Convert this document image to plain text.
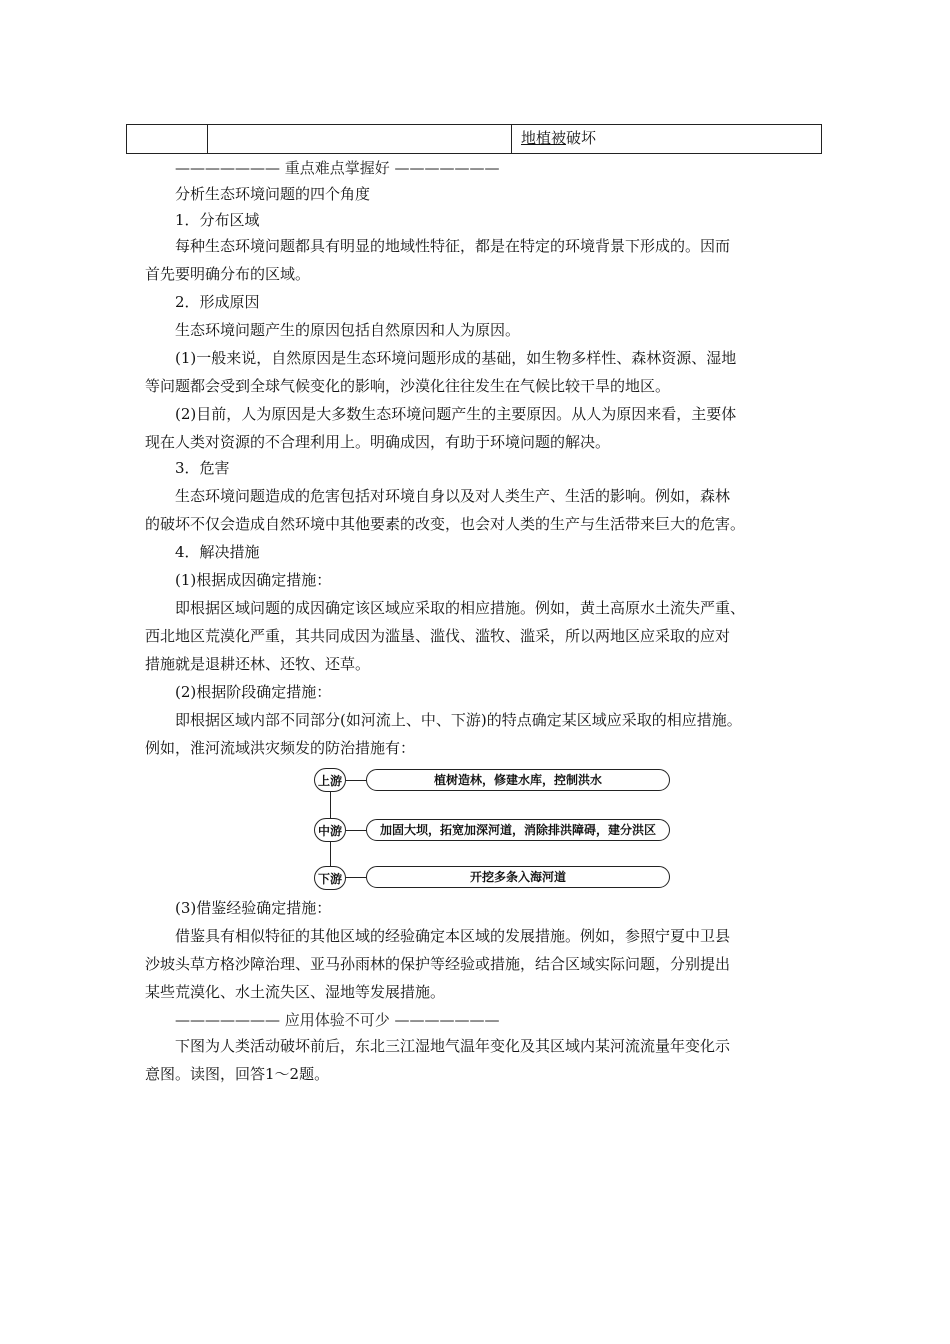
地植被破坏
——————— 重点难点掌握好 ———————
分析生态环境问题的四个角度
1．分布区域
每种生态环境问题都具有明显的地域性特征，都是在特定的环境背景下形成的。因而
首先要明确分布的区域。
2．形成原因
生态环境问题产生的原因包括自然原因和人为原因。
(1)一般来说，自然原因是生态环境问题形成的基础，如生物多样性、森林资源、湿地
等问题都会受到全球气候变化的影响，沙漠化往往发生在气候比较干旱的地区。
(2)目前，人为原因是大多数生态环境问题产生的主要原因。从人为原因来看，主要体
现在人类对资源的不合理利用上。明确成因，有助于环境问题的解决。
3．危害
生态环境问题造成的危害包括对环境自身以及对人类生产、生活的影响。例如，森林
的破坏不仅会造成自然环境中其他要素的改变，也会对人类的生产与生活带来巨大的危害。
4．解决措施
(1)根据成因确定措施：
即根据区域问题的成因确定该区域应采取的相应措施。例如，黄土高原水土流失严重、
西北地区荒漠化严重，其共同成因为滥垦、滥伐、滥牧、滥采，所以两地区应采取的应对
措施就是退耕还林、还牧、还草。
(2)根据阶段确定措施：
即根据区域内部不同部分(如河流上、中、下游)的特点确定某区域应采取的相应措施。
例如，淮河流域洪灾频发的防治措施有：
上游	植树造林，修建水库，控制洪水
中游	加固大坝，拓宽加深河道，消除排洪障碍，建分洪区
下游	开挖多条入海河道
(3)借鉴经验确定措施：
借鉴具有相似特征的其他区域的经验确定本区域的发展措施。例如，参照宁夏中卫县
沙坡头草方格沙障治理、亚马孙雨林的保护等经验或措施，结合区域实际问题，分别提出
某些荒漠化、水土流失区、湿地等发展措施。
——————— 应用体验不可少 ———————
下图为人类活动破坏前后，东北三江湿地气温年变化及其区域内某河流流量年变化示
意图。读图，回答1～2题。
